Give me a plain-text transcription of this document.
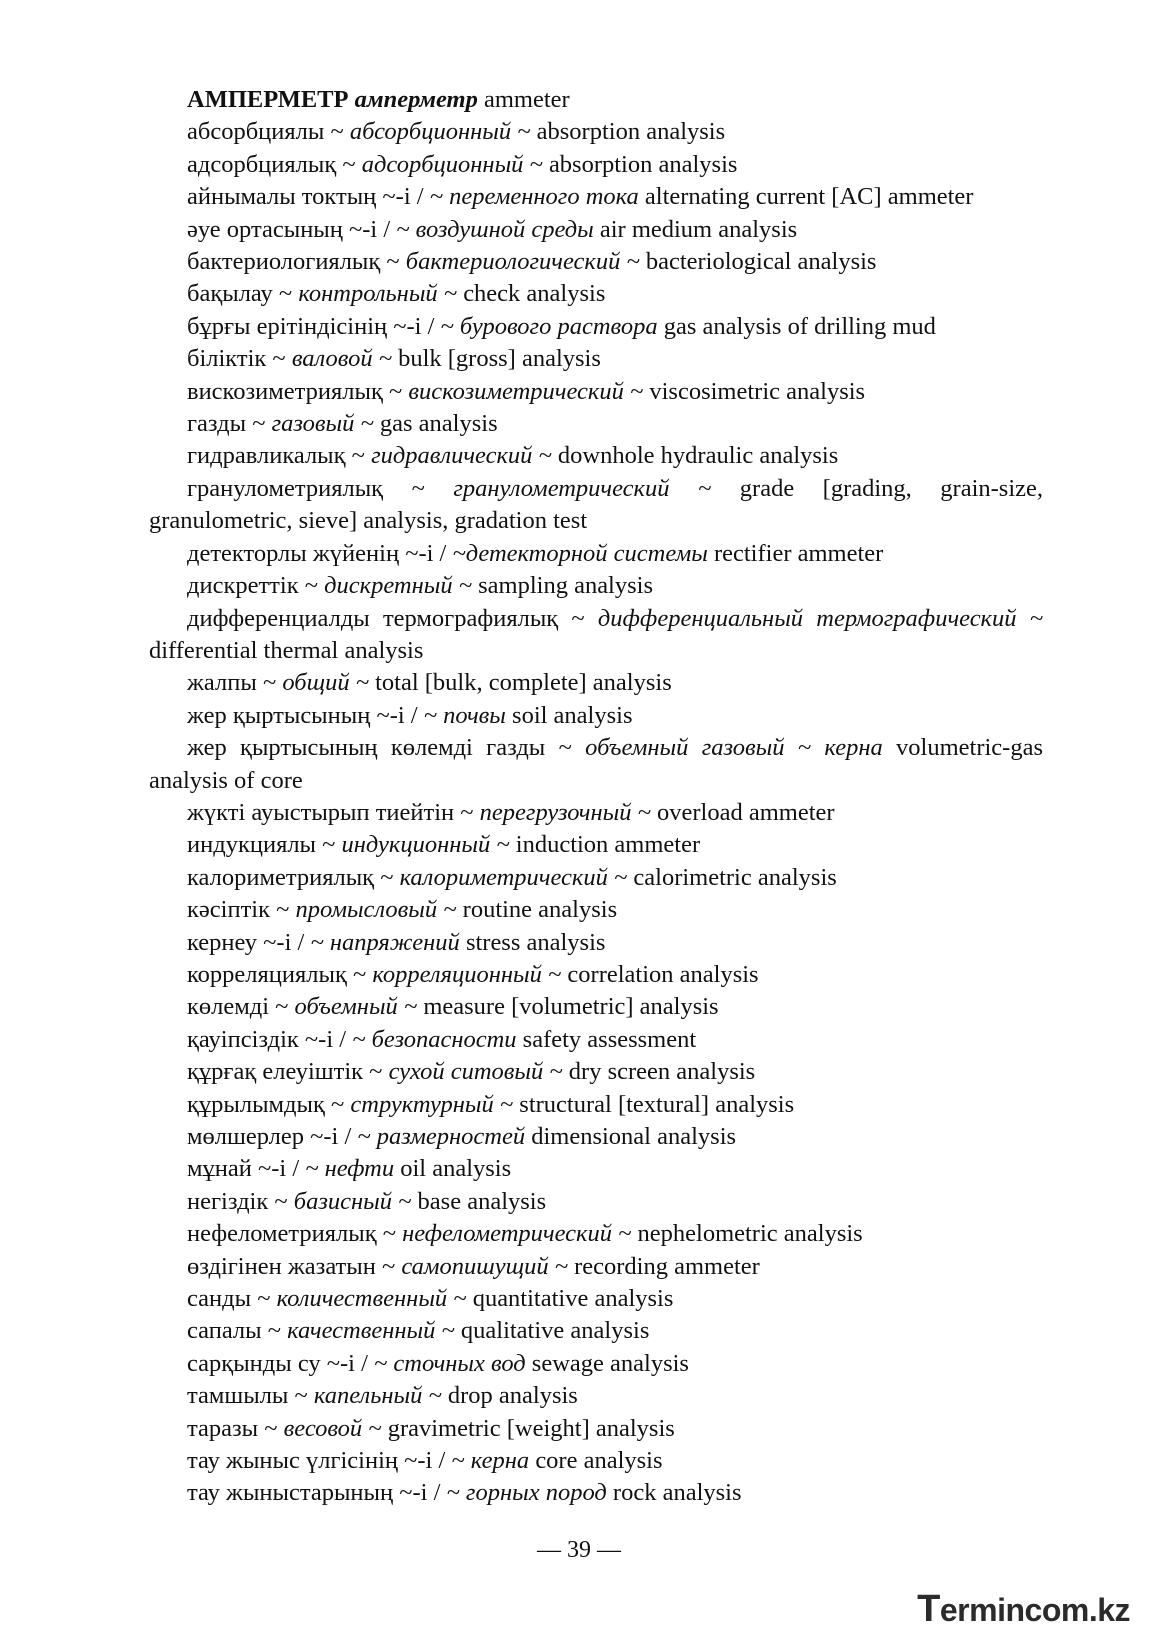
АМПЕРМЕТР амперметр ammeter

абсорбциялы ~ абсорбционный ~ absorption analysis

адсорбциялық ~ адсорбционный ~ absorption analysis

айнымалы токтың ~-і / ~ переменного тока alternating current [AC] ammeter

әуе ортасының ~-і / ~ воздушной среды air medium analysis

бактериологиялық ~ бактериологический ~ bacteriological analysis

бақылау ~ контрольный ~ check analysis

бұрғы ерітіндісінің ~-і / ~ бурового раствора gas analysis of drilling mud

біліктік ~ валовой ~ bulk [gross] analysis

вискозиметриялық ~ вискозиметрический ~ viscosimetric analysis

газды ~ газовый ~ gas analysis

гидравликалық ~ гидравлический ~ downhole hydraulic analysis

гранулометриялық ~ гранулометрический ~ grade [grading, grain-size, granulometric, sieve] analysis, gradation test

детекторлы жүйенің ~-і / ~детекторной системы rectifier ammeter

дискреттік ~ дискретный ~ sampling analysis

дифференциалды термографиялық ~ дифференциальный термографический ~ differential thermal analysis

жалпы ~ общий ~ total [bulk, complete] analysis

жер қыртысының ~-і / ~ почвы soil analysis

жер қыртысының көлемді газды ~ объемный газовый ~ керна volumetric-gas analysis of core

жүкті ауыстырып тиейтін ~ перегрузочный ~ overload ammeter

индукциялы ~ индукционный ~ induction ammeter

калориметриялық ~ калориметрический ~ calorimetric analysis

кәсіптік ~ промысловый ~ routine analysis

кернеу ~-і / ~ напряжений stress analysis

корреляциялық ~ корреляционный ~ correlation analysis

көлемді ~ объемный ~ measure [volumetric] analysis

қауіпсіздік ~-і / ~ безопасности safety assessment

құрғақ елеуіштік ~ сухой ситовый ~ dry screen analysis

құрылымдық ~ структурный ~ structural [textural] analysis

мөлшерлер ~-і / ~ размерностей dimensional analysis

мұнай ~-і / ~ нефти oil analysis

негіздік ~ базисный ~ base analysis

нефелометриялық ~ нефелометрический ~ nephelometric analysis

өздігінен жазатын ~ самопишущий ~ recording ammeter

санды ~ количественный ~ quantitative analysis

сапалы ~ качественный ~ qualitative analysis

сарқынды су ~-і / ~ сточных вод sewage analysis

тамшылы ~ капельный ~ drop analysis

таразы ~ весовой ~ gravimetric [weight] analysis

тау жыныс үлгісінің ~-і / ~ керна core analysis

тау жыныстарының ~-і / ~ горных пород rock analysis

— 39 —
Termincom.kz
